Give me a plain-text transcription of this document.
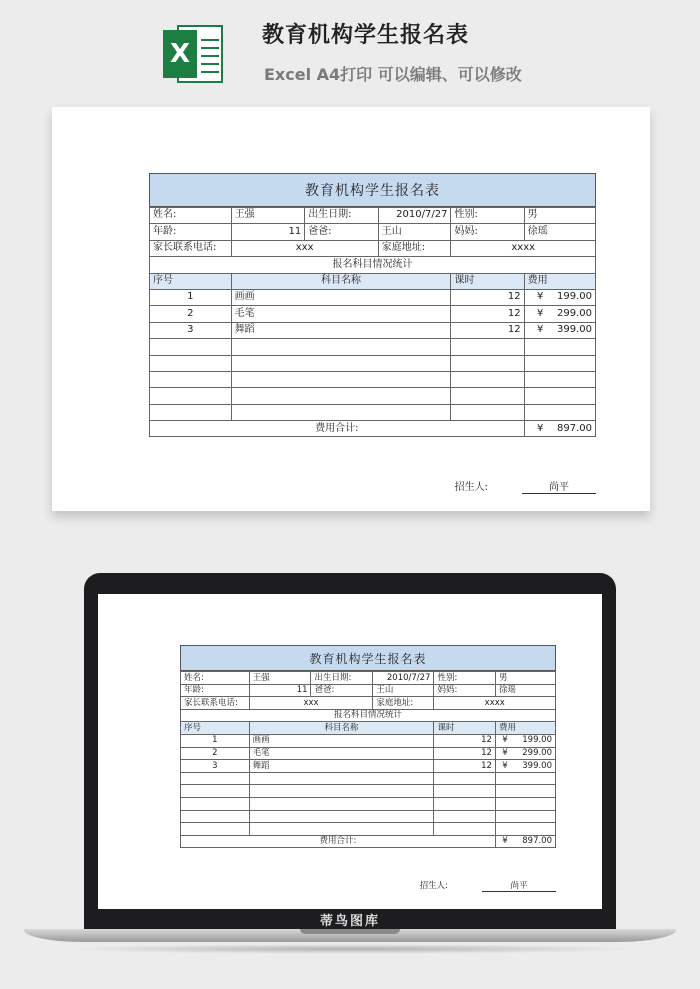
X
教育机构学生报名表
Excel A4打印 可以编辑、可以修改
蒂鸟图库
教育机构学生报名表
姓名:	王强	出生日期:	2010/7/27	性别:	男
年龄:	11	爸爸:	王山	妈妈:	徐瑶
家长联系电话:	xxx		家庭地址:	xxxx	
报名科目情况统计					
序号	科目名称			课时	费用
1	画画			12	¥ 199.00
2	毛笔			12	¥ 299.00
3	舞蹈			12	¥ 399.00

费用合计:					¥ 897.00
招生人:	尚平
教育机构学生报名表
姓名:	王强	出生日期:	2010/7/27	性别:	男
年龄:	11	爸爸:	王山	妈妈:	徐瑶
家长联系电话:	xxx		家庭地址:	xxxx	
报名科目情况统计					
序号	科目名称			课时	费用
1	画画			12	¥ 199.00
2	毛笔			12	¥ 299.00
3	舞蹈			12	¥ 399.00

费用合计:					¥ 897.00
招生人:	尚平
